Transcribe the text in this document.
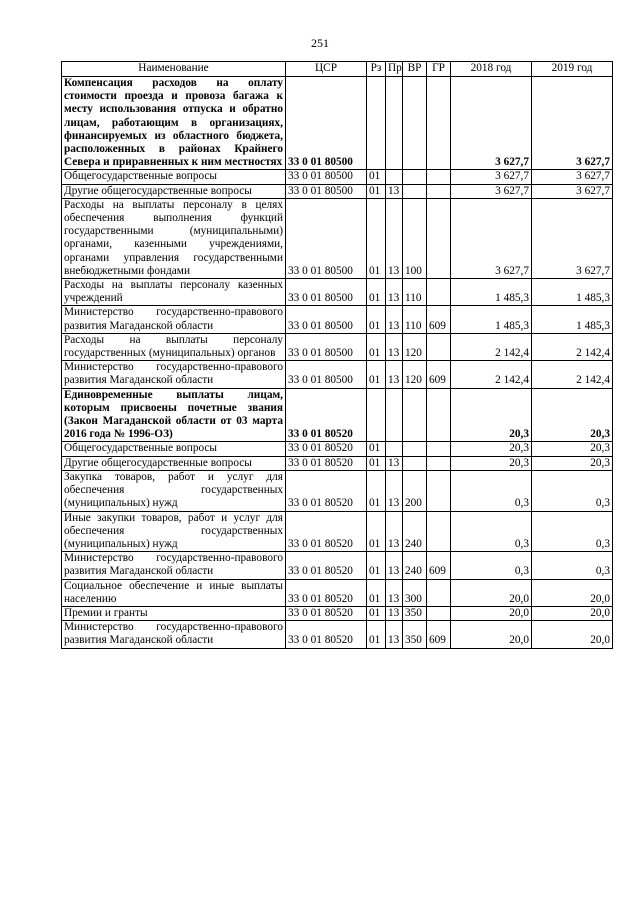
251
Наименование	ЦСР	Рз	Пр	ВР	ГР	2018 год	2019 год
Компенсация расходов на оплату стоимости проезда и провоза багажа к месту использования отпуска и обратно лицам, работающим в организациях, финансируемых из областного бюджета, расположенных в районах Крайнего Севера и приравненных к ним местностях	33 0 01 80500					3 627,7	3 627,7
Общегосударственные вопросы	33 0 01 80500	01				3 627,7	3 627,7
Другие общегосударственные вопросы	33 0 01 80500	01	13			3 627,7	3 627,7
Расходы на выплаты персоналу в целях обеспечения выполнения функций государственными (муниципальными) органами, казенными учреждениями, органами управления государственными внебюджетными фондами	33 0 01 80500	01	13	100		3 627,7	3 627,7
Расходы на выплаты персоналу казенных учреждений	33 0 01 80500	01	13	110		1 485,3	1 485,3
Министерство государственно-правового развития Магаданской области	33 0 01 80500	01	13	110	609	1 485,3	1 485,3
Расходы на выплаты персоналу государственных (муниципальных) органов	33 0 01 80500	01	13	120		2 142,4	2 142,4
Министерство государственно-правового развития Магаданской области	33 0 01 80500	01	13	120	609	2 142,4	2 142,4
Единовременные выплаты лицам, которым присвоены почетные звания (Закон Магаданской области от 03 марта 2016 года № 1996-ОЗ)	33 0 01 80520					20,3	20,3
Общегосударственные вопросы	33 0 01 80520	01				20,3	20,3
Другие общегосударственные вопросы	33 0 01 80520	01	13			20,3	20,3
Закупка товаров, работ и услуг для обеспечения государственных (муниципальных) нужд	33 0 01 80520	01	13	200		0,3	0,3
Иные закупки товаров, работ и услуг для обеспечения государственных (муниципальных) нужд	33 0 01 80520	01	13	240		0,3	0,3
Министерство государственно-правового развития Магаданской области	33 0 01 80520	01	13	240	609	0,3	0,3
Социальное обеспечение и иные выплаты населению	33 0 01 80520	01	13	300		20,0	20,0
Премии и гранты	33 0 01 80520	01	13	350		20,0	20,0
Министерство государственно-правового развития Магаданской области	33 0 01 80520	01	13	350	609	20,0	20,0
